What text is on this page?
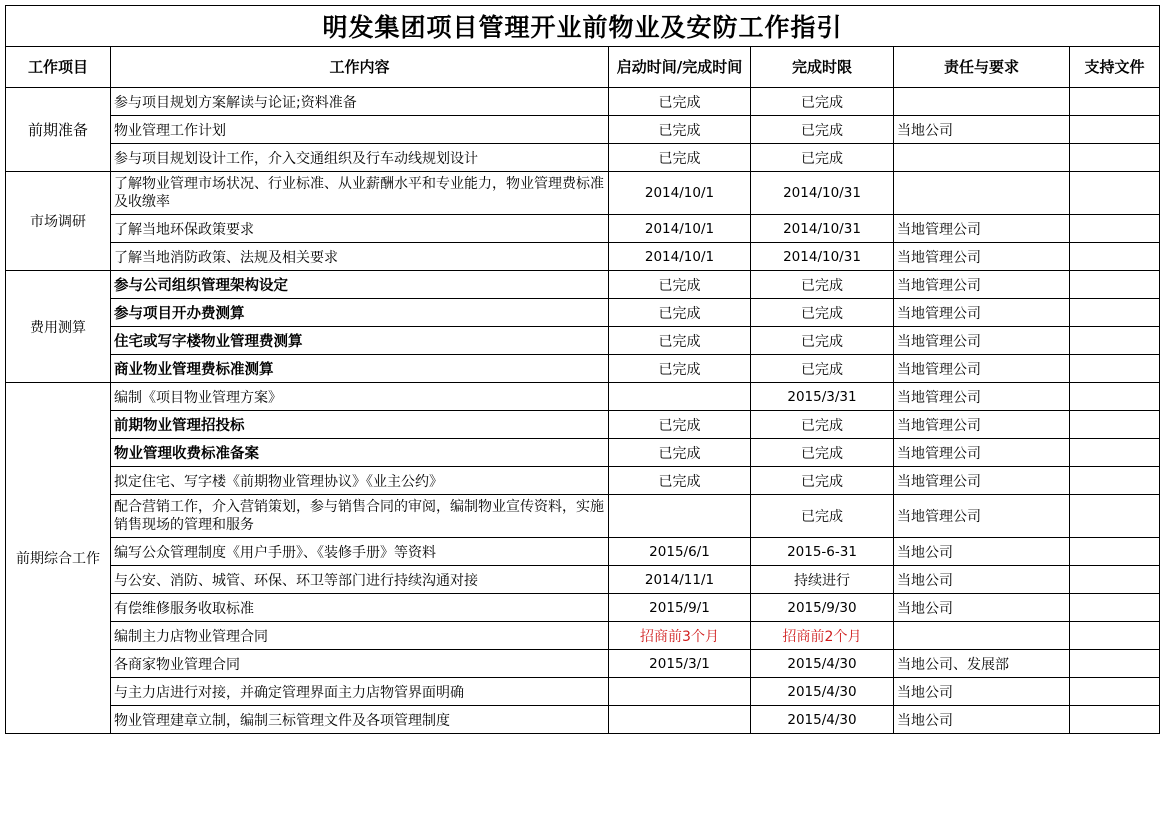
明发集团项目管理开业前物业及安防工作指引					
工作项目	工作内容	启动时间/完成时间	完成时限	责任与要求	支持文件
前期准备	参与项目规划方案解读与论证;资料准备	已完成	已完成		
	物业管理工作计划	已完成	已完成	当地公司	
	参与项目规划设计工作，介入交通组织及行车动线规划设计	已完成	已完成		
市场调研	了解物业管理市场状况、行业标准、从业薪酬水平和专业能力，物业管理费标准及收缴率	2014/10/1	2014/10/31		
	了解当地环保政策要求	2014/10/1	2014/10/31	当地管理公司	
	了解当地消防政策、法规及相关要求	2014/10/1	2014/10/31	当地管理公司	
费用测算	参与公司组织管理架构设定	已完成	已完成	当地管理公司	
	参与项目开办费测算	已完成	已完成	当地管理公司	
	住宅或写字楼物业管理费测算	已完成	已完成	当地管理公司	
	商业物业管理费标准测算	已完成	已完成	当地管理公司	
前期综合工作	编制《项目物业管理方案》		2015/3/31	当地管理公司	
	前期物业管理招投标	已完成	已完成	当地管理公司	
	物业管理收费标准备案	已完成	已完成	当地管理公司	
	拟定住宅、写字楼《前期物业管理协议》《业主公约》	已完成	已完成	当地管理公司	
	配合营销工作，介入营销策划，参与销售合同的审阅，编制物业宣传资料，实施销售现场的管理和服务		已完成	当地管理公司	
	编写公众管理制度《用户手册》、《装修手册》等资料	2015/6/1	2015-6-31	当地公司	
	与公安、消防、城管、环保、环卫等部门进行持续沟通对接	2014/11/1	持续进行	当地公司	
	有偿维修服务收取标准	2015/9/1	2015/9/30	当地公司	
	编制主力店物业管理合同	招商前3个月	招商前2个月		
	各商家物业管理合同	2015/3/1	2015/4/30	当地公司、发展部	
	与主力店进行对接，并确定管理界面主力店物管界面明确		2015/4/30	当地公司	
	物业管理建章立制，编制三标管理文件及各项管理制度		2015/4/30	当地公司	
